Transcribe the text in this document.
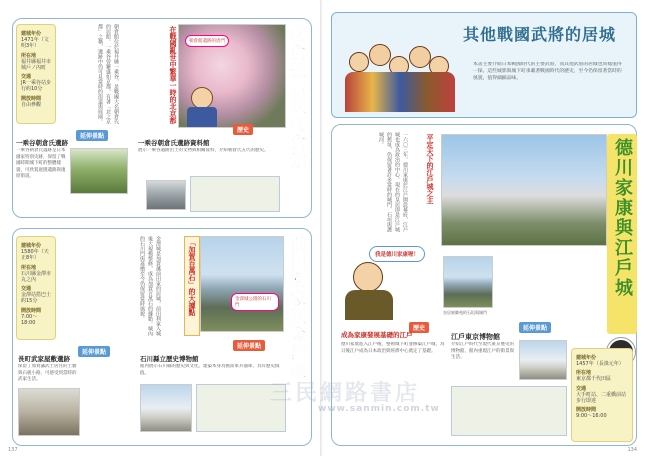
建城年份
1471年（文明3年）
所在地
福井縣福井市城戶ノ內町
交通
JR一乘谷站步行約10分
開放時間
自由參觀	朝倉館位於福井縣一乘谷，是戰國大名朝倉氏的居館。一乘谷曾繁盛如京都，有著「北之京都」之稱，遺跡中仍可見當時的街道與庭園。	在戰國亂世中繁華一時的北京都	朝倉館遺跡的唐門	朝倉義景與朝倉館
延伸景點
一乘谷朝倉氏遺跡
一乘谷朝倉氏遺跡是日本國家特別史跡，保留了戰國時期城下町的整體樣貌，可欣賞庭園遺跡與復原街道。
歷史
一乘谷朝倉氏遺跡資料館
展示一乘谷遺跡出土的文物與相關資料，介紹朝倉氏五代的歷史。
建城年份
1580年（天正8年）
所在地
石川縣金澤市丸之內
交通
金澤站搭巴士約15分
開放時間
7:00～18:00	金澤城是加賀藩前田家的居城，前田利家入城後大規模整修，成為加賀百萬石的據點。城內的石川門與菱櫓至今仍保留當時風貌。	「加賀百萬石」的大據點	金澤城公園的石川門	前田利家與金澤城
延伸景點
長町武家屋敷遺跡
保留了加賀藩武士居住的土牆與石板小路，可感受到當時的武家生活。
延伸景點
石川縣立歷史博物館
館內展示石川縣的歷史與文化，建築本身為舊陸軍兵器庫，具有歷史價值。
137
其他戰國武將的居城
本書主要介紹日本戰國時代的主要武將，而其他武將的居城也同樣值得一探。這些城郭與城下町承載著戰國時代的歷史，至今仍保留著當時的風貌，值得細細品味。
一六〇三年，德川家康於江戶開設幕府，江戶城也成為政治的中心。現在的皇居即是江戶城的舊址，仍保留著許多當時的城門、石垣與護城河。	平定天下的江戶城之主	德川家康與江戶城
我是德川家康喔！
皇居東御苑的石垣與城門
建城年份
1457年（長祿元年）
所在地
東京都千代田區
交通
大手町站、二重橋前站步行即達
開放時間
9:00～16:00
歷史
成為家康發展基礎的江戶
德川家康進入江戶後，整頓城下町並修築江戶城，為日後江戶成為日本政治與經濟中心奠定了基礎。
延伸景點
江戶東京博物館
介紹江戶時代至現代東京歷史的博物館，館內重現江戶的街景與生活。
134
三民網路書店
www.sanmin.com.tw
